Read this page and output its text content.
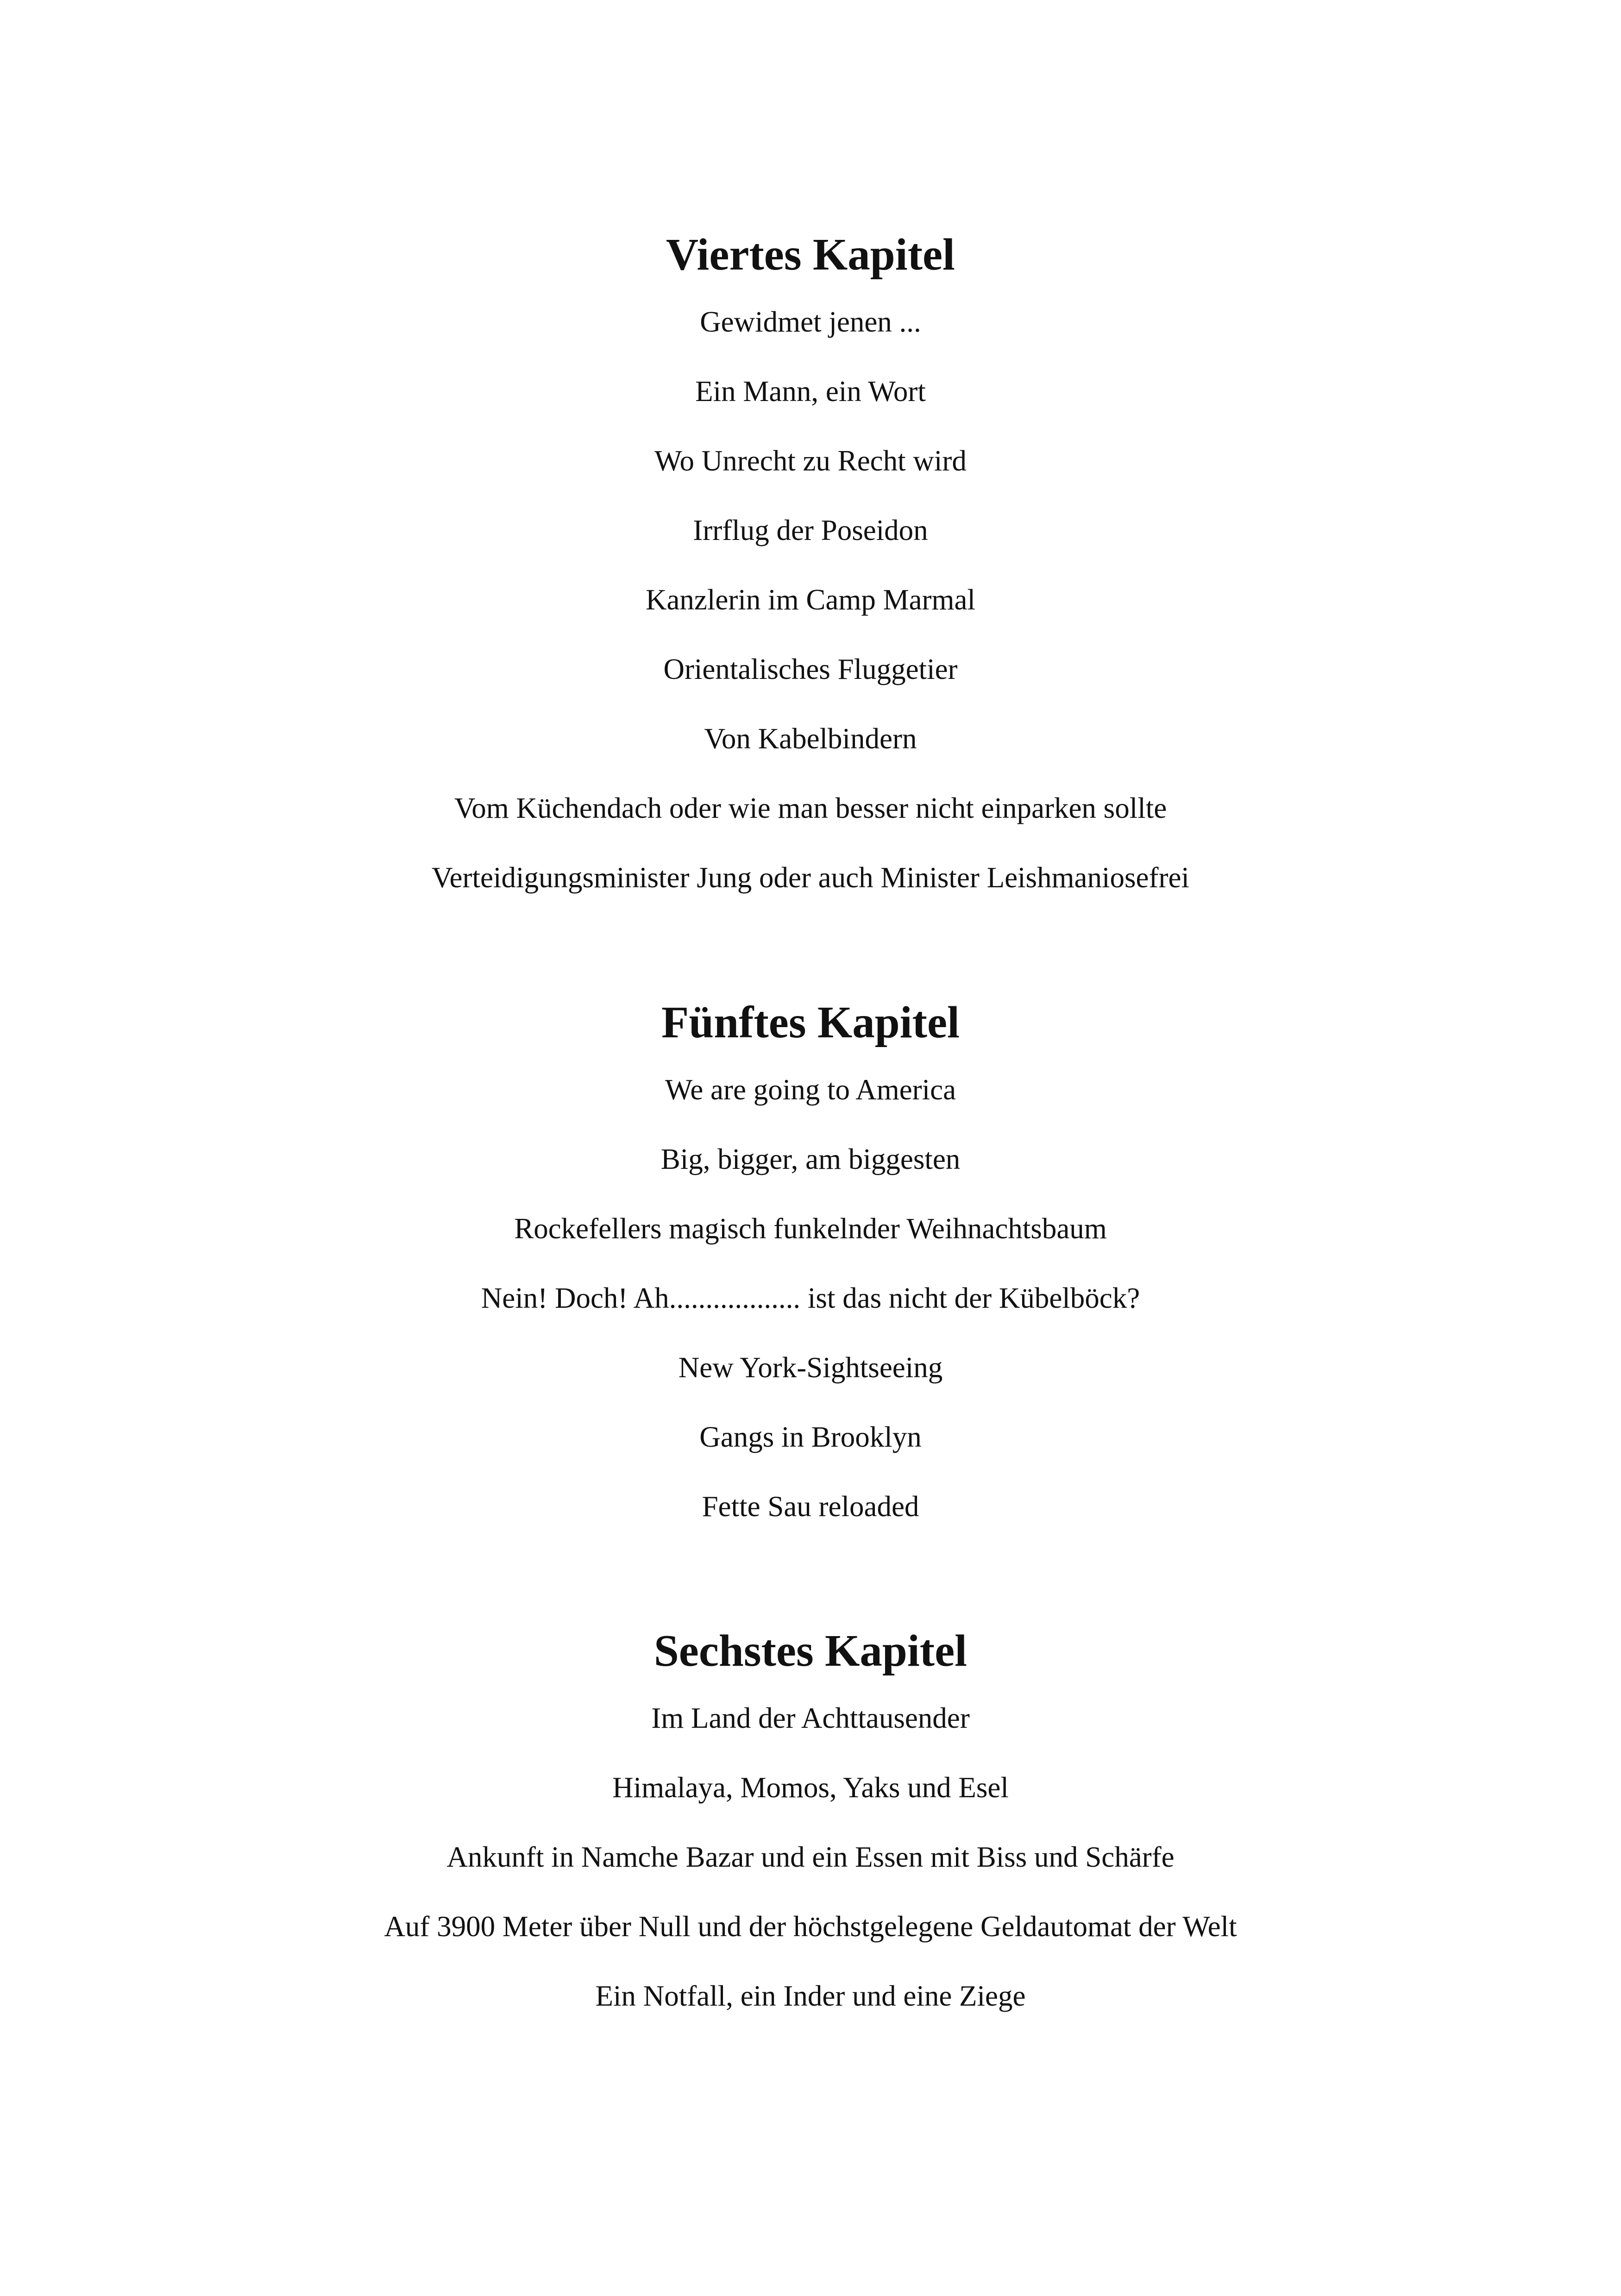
Viertes Kapitel
Gewidmet jenen ...
Ein Mann, ein Wort
Wo Unrecht zu Recht wird
Irrflug der Poseidon
Kanzlerin im Camp Marmal
Orientalisches Fluggetier
Von Kabelbindern
Vom Küchendach oder wie man besser nicht einparken sollte
Verteidigungsminister Jung oder auch Minister Leishmaniosefrei
Fünftes Kapitel
We are going to America
Big, bigger, am biggesten
Rockefellers magisch funkelnder Weihnachtsbaum
Nein! Doch! Ah.................. ist das nicht der Kübelböck?
New York-Sightseeing
Gangs in Brooklyn
Fette Sau reloaded
Sechstes Kapitel
Im Land der Achttausender
Himalaya, Momos, Yaks und Esel
Ankunft in Namche Bazar und ein Essen mit Biss und Schärfe
Auf 3900 Meter über Null und der höchstgelegene Geldautomat der Welt
Ein Notfall, ein Inder und eine Ziege
